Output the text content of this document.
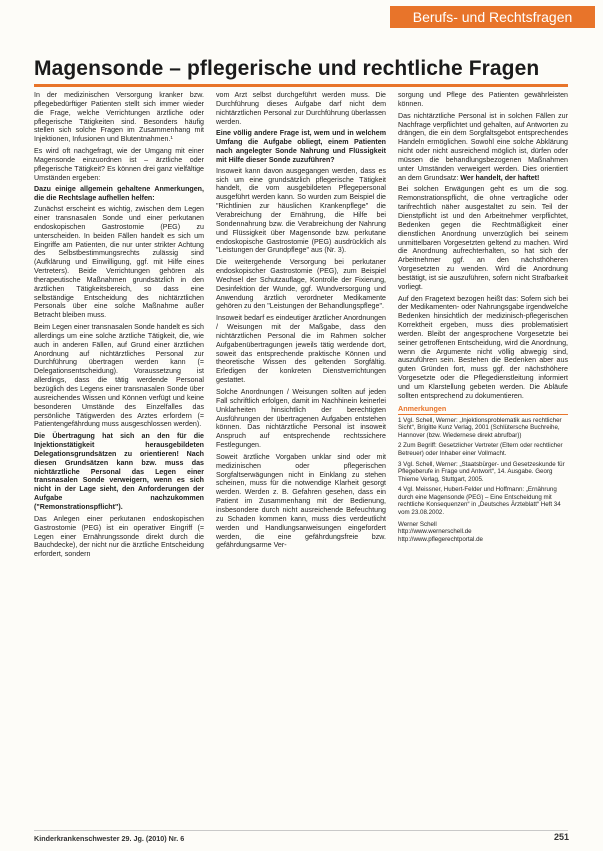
Berufs- und Rechtsfragen
Magensonde – pflegerische und rechtliche Fragen

In der medizinischen Versorgung kranker bzw. pflegebedürftiger Patienten stellt sich immer wieder die Frage, welche Verrichtungen ärztliche oder pflegerische Tätigkeiten sind. Besonders häufig stellen sich solche Fragen im Zusammenhang mit Injektionen, Infusionen und Blutentnahmen.¹

Es wird oft nachgefragt, wie der Umgang mit einer Magensonde einzuordnen ist – ärztliche oder pflegerische Tätigkeit? Es können drei ganz vielfältige Umständen ergeben:

Dazu einige allgemein gehaltene Anmerkungen, die die Rechtslage aufhellen helfen:

Zunächst erscheint es wichtig, zwischen dem Legen einer transnasalen Sonde und einer perkutanen endoskopischen Gastrostomie (PEG) zu unterscheiden. In beiden Fällen handelt es sich um Eingriffe am Patienten, die nur unter strikter Achtung des Selbstbestimmungsrechts zulässig sind (Aufklärung und Einwilligung, ggf. mit Hilfe eines Vertreters). Beide Verrichtungen gehören als therapeutische Maßnahmen grundsätzlich in den ärztlichen Tätigkeitsbereich, so dass eine selbständige Entscheidung des nichtärztlichen Personals über eine solche Maßnahme außer Betracht bleiben muss.

Beim Legen einer transnasalen Sonde handelt es sich allerdings um eine solche ärztliche Tätigkeit, die, wie auch in anderen Fällen, auf Grund einer ärztlichen Anordnung auf nichtärztliches Personal zur Durchführung übertragen werden kann (= Delegationsentscheidung). Voraussetzung ist allerdings, dass die tätig werdende Personal bezüglich des Legens einer transnasalen Sonde über ausreichendes Wissen und Können verfügt und keine besonderen Umstände des Einzelfalles das persönliche Tätigwerden des Arztes erfordern (= Patientengefährdung muss ausgeschlossen werden).

Die Übertragung hat sich an den für die Injektionstätigkeit herausgebildeten Delegationsgrundsätzen zu orientieren! Nach diesen Grundsätzen kann bzw. muss das nichtärztliche Personal das Legen einer transnasalen Sonde verweigern, wenn es sich nicht in der Lage sieht, den Anforderungen der Aufgabe nachzukommen ("Remonstrationspflicht").

Das Anlegen einer perkutanen endoskopischen Gastrostomie (PEG) ist ein operativer Eingriff (= Legen einer Ernährungssonde direkt durch die Bauchdecke), der nicht nur die ärztliche Entscheidung erfordert, sondern

vom Arzt selbst durchgeführt werden muss. Die Durchführung dieses Aufgabe darf nicht dem nichtärztlichen Personal zur Durchführung überlassen werden.

Eine völlig andere Frage ist, wem und in welchem Umfang die Aufgabe obliegt, einem Patienten nach angelegter Sonde Nahrung und Flüssigkeit mit Hilfe dieser Sonde zuzuführen?

Insoweit kann davon ausgegangen werden, dass es sich um eine grundsätzlich pflegerische Tätigkeit handelt, die vom ausgebildeten Pflegepersonal ausgeführt werden kann. So wurden zum Beispiel die "Richtlinien zur häuslichen Krankenpflege" die Verabreichung der Ernährung, die Hilfe bei Sondennahrung bzw. die Verabreichung der Nahrung und Flüssigkeit über Magensonde bzw. perkutane endoskopische Gastrostomie (PEG) ausdrücklich als "Leistungen der Grundpflege" aus (Nr. 3).

Die weitergehende Versorgung bei perkutaner endoskopischer Gastrostomie (PEG), zum Beispiel Wechsel der Schutzauflage, Kontrolle der Fixierung, Desinfektion der Wunde, ggf. Wundversorgung und Anwendung ärztlich verordneter Medikamente gehören zu den "Leistungen der Behandlungspflege".

Insoweit bedarf es eindeutiger ärztlicher Anordnungen / Weisungen mit der Maßgabe, dass den nichtärztlichen Personal die im Rahmen solcher Aufgabenübertragungen jeweils tätig werdende dort, soweit das entsprechende praktische Können und theoretische Wissen des geltenden Sorgfältig. Erledigen der konkreten Dienstverrichtungen gestattet.

Solche Anordnungen / Weisungen sollten auf jeden Fall schriftlich erfolgen, damit im Nachhinein keinerlei Unklarheiten hinsichtlich der berechtigten Ausführungen der übertragenen Aufgaben entstehen können. Das nichtärztliche Personal ist insoweit Anspruch auf entsprechende rechtssichere Festlegungen.

Soweit ärztliche Vorgaben unklar sind oder mit medizinischen oder pflegerischen Sorgfaltserwägungen nicht in Einklang zu stehen scheinen, muss für die notwendige Klarheit gesorgt werden. Werden z. B. Gefahren gesehen, dass ein Patient im Zusammenhang mit der Bedienung, insbesondere durch nicht ausreichende Befeuchtung zu Schaden kommen kann, muss dies verdeutlicht werden und Handlungsanweisungen eingefordert werden, die eine gefährdungsfreie bzw. gefährdungsarme Ver-

sorgung und Pflege des Patienten gewährleisten können.

Das nichtärztliche Personal ist in solchen Fällen zur Nachfrage verpflichtet und gehalten, auf Antworten zu drängen, die ein dem Sorgfaltsgebot entsprechendes Handeln ermöglichen. Sowohl eine solche Abklärung nicht oder nicht ausreichend möglich ist, dürfen oder müssen die behandlungsbezogenen Maßnahmen unter Umständen verweigert werden. Dies orientiert an dem Grundsatz: Wer handelt, der haftet!

Bei solchen Erwägungen geht es um die sog. Remonstrationspflicht, die ohne vertragliche oder tarifrechtlich näher ausgestaltet zu sein. Teil der Dienstpflicht ist und den Arbeitnehmer verpflichtet, Bedenken gegen die Rechtmäßigkeit einer dienstlichen Anordnung unverzüglich bei seinem unmittelbaren Vorgesetzten geltend zu machen. Wird die Anordnung aufrechterhalten, so hat sich der Arbeitnehmer ggf. an den nächsthöheren Vorgesetzten zu wenden. Wird die Anordnung bestätigt, ist sie auszuführen, sofern nicht Strafbarkeit vorliegt.

Auf den Fragetext bezogen heißt das: Sofern sich bei der Medikamenten- oder Nahrungsgabe irgendwelche Bedenken hinsichtlich der medizinisch-pflegerischen Korrektheit ergeben, muss dies problematisiert werden. Bleibt der angesprochene Vorgesetzte bei seiner getroffenen Entscheidung, wird die Anordnung, wenn die Argumente nicht völlig abwegig sind, auszuführen sein. Bestehen die Bedenken aber aus guten Gründen fort, muss ggf. der nächsthöhere Vorgesetzte oder die Pflegedienstleitung informiert und um Klarstellung gebeten werden. Die Abläufe sollten entsprechend zu dokumentieren.

Anmerkungen

1 Vgl. Schell, Werner: „Injektionsproblematik aus rechtlicher Sicht“, Brigitte Kunz Verlag, 2001 (Schlütersche Buchreihe, Hannover (bzw. Wiedernese direkt abrufbar))

2 Zum Begriff: Gesetzlicher Vertreter (Eltern oder rechtlicher Betreuer) oder Inhaber einer Vollmacht.

3 Vgl. Schell, Werner: „Staatsbürger- und Gesetzeskunde für Pflegeberufe in Frage und Antwort“, 14. Ausgabe. Georg Thieme Verlag, Stuttgart, 2005.

4 Vgl. Meissner, Hubert-Felder und Hoffmann: „Ernährung durch eine Magensonde (PEG) – Eine Entscheidung mit rechtliche Konsequenzen“ in „Deutsches Ärzteblatt“ Heft 34 vom 23.08.2002.

Werner Schell
http://www.wernerschell.de
http://www.pflegerechtportal.de
Kinderkrankenschwester 29. Jg. (2010) Nr. 6	251
